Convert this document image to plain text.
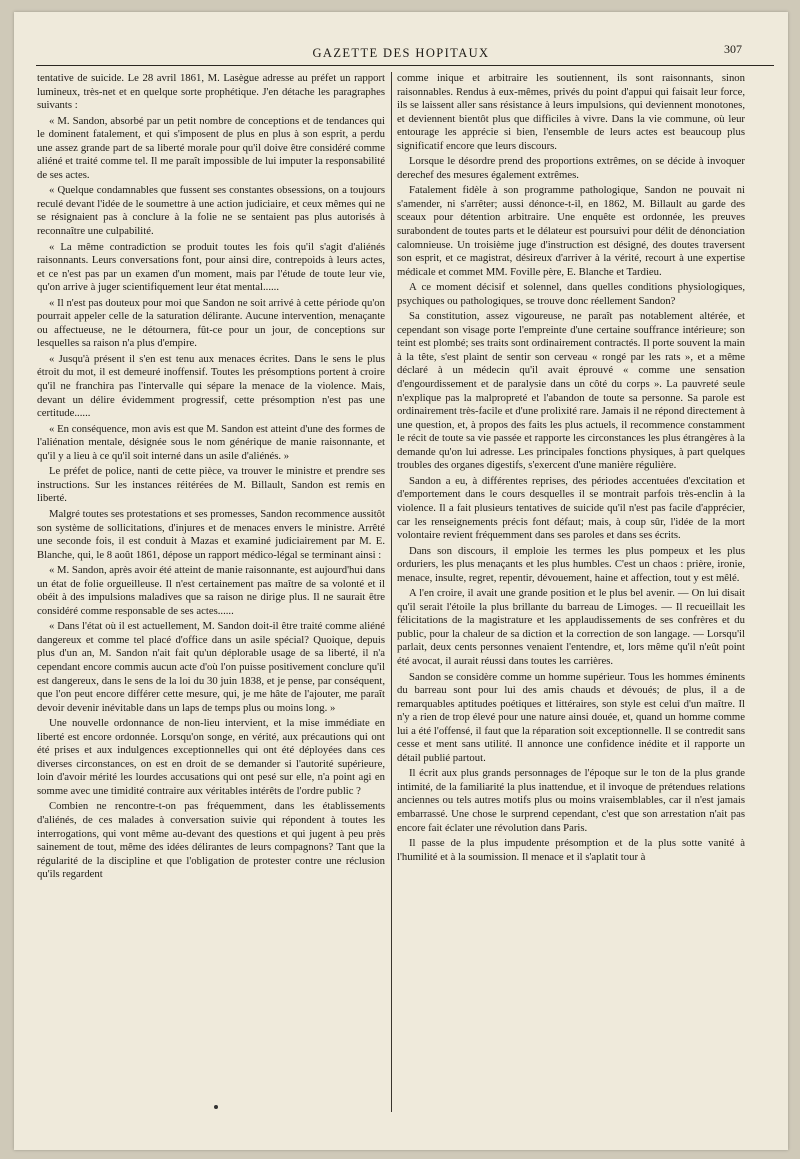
GAZETTE DES HOPITAUX	307

tentative de suicide. Le 28 avril 1861, M. Lasègue adresse au préfet un rapport lumineux, très-net et en quelque sorte prophétique. J'en détache les paragraphes suivants :

« M. Sandon, absorbé par un petit nombre de conceptions et de tendances qui le dominent fatalement, et qui s'imposent de plus en plus à son esprit, a perdu une assez grande part de sa liberté morale pour qu'il doive être considéré comme aliéné et traité comme tel. Il me paraît impossible de lui imputer la responsabilité de ses actes.

« Quelque condamnables que fussent ses constantes obsessions, on a toujours reculé devant l'idée de le soumettre à une action judiciaire, et ceux mêmes qui ne se résignaient pas à conclure à la folie ne se sentaient pas plus autorisés à reconnaître une culpabilité.

« La même contradiction se produit toutes les fois qu'il s'agit d'aliénés raisonnants. Leurs conversations font, pour ainsi dire, contrepoids à leurs actes, et ce n'est pas par un examen d'un moment, mais par l'étude de toute leur vie, qu'on arrive à juger scientifiquement leur état mental......

« Il n'est pas douteux pour moi que Sandon ne soit arrivé à cette période qu'on pourrait appeler celle de la saturation délirante. Aucune intervention, menaçante ou affectueuse, ne le détournera, fût-ce pour un jour, de conceptions sur lesquelles sa raison n'a plus d'empire.

« Jusqu'à présent il s'en est tenu aux menaces écrites. Dans le sens le plus étroit du mot, il est demeuré inoffensif. Toutes les présomptions portent à croire qu'il ne franchira pas l'intervalle qui sépare la menace de la violence. Mais, devant un délire évidemment progressif, cette présomption n'est pas une certitude......

« En conséquence, mon avis est que M. Sandon est atteint d'une des formes de l'aliénation mentale, désignée sous le nom générique de manie raisonnante, et qu'il y a lieu à ce qu'il soit interné dans un asile d'aliénés. »

Le préfet de police, nanti de cette pièce, va trouver le ministre et prendre ses instructions. Sur les instances réitérées de M. Billault, Sandon est remis en liberté.

Malgré toutes ses protestations et ses promesses, Sandon recommence aussitôt son système de sollicitations, d'injures et de menaces envers le ministre. Arrêté une seconde fois, il est conduit à Mazas et examiné judiciairement par M. E. Blanche, qui, le 8 août 1861, dépose un rapport médico-légal se terminant ainsi :

« M. Sandon, après avoir été atteint de manie raisonnante, est aujourd'hui dans un état de folie orgueilleuse. Il n'est certainement pas maître de sa volonté et il obéit à des impulsions maladives que sa raison ne dirige plus. Il ne saurait être considéré comme responsable de ses actes......

« Dans l'état où il est actuellement, M. Sandon doit-il être traité comme aliéné dangereux et comme tel placé d'office dans un asile spécial? Quoique, depuis plus d'un an, M. Sandon n'ait fait qu'un déplorable usage de sa liberté, il n'a cependant encore commis aucun acte d'où l'on puisse positivement conclure qu'il est dangereux, dans le sens de la loi du 30 juin 1838, et je pense, par conséquent, que l'on peut encore différer cette mesure, qui, je me hâte de l'ajouter, me paraît devoir devenir inévitable dans un laps de temps plus ou moins long. »

Une nouvelle ordonnance de non-lieu intervient, et la mise immédiate en liberté est encore ordonnée. Lorsqu'on songe, en vérité, aux précautions qui ont été prises et aux indulgences exceptionnelles qui ont été déployées dans ces diverses circonstances, on est en droit de se demander si l'autorité supérieure, loin d'avoir mérité les lourdes accusations qui ont pesé sur elle, n'a point agi en somme avec une timidité contraire aux véritables intérêts de l'ordre public ?

Combien ne rencontre-t-on pas fréquemment, dans les établissements d'aliénés, de ces malades à conversation suivie qui répondent à toutes les interrogations, qui vont même au-devant des questions et qui jugent à peu près sainement de tout, même des idées délirantes de leurs compagnons? Tant que la régularité de la discipline et que l'obligation de protester contre une réclusion qu'ils regardent

comme inique et arbitraire les soutiennent, ils sont raisonnants, sinon raisonnables. Rendus à eux-mêmes, privés du point d'appui qui faisait leur force, ils se laissent aller sans résistance à leurs impulsions, qui deviennent monotones, et deviennent bientôt plus que difficiles à vivre. Dans la vie commune, où leur entourage les apprécie si bien, l'ensemble de leurs actes est beaucoup plus significatif encore que leurs discours.

Lorsque le désordre prend des proportions extrêmes, on se décide à invoquer derechef des mesures également extrêmes.

Fatalement fidèle à son programme pathologique, Sandon ne pouvait ni s'amender, ni s'arrêter; aussi dénonce-t-il, en 1862, M. Billault au garde des sceaux pour détention arbitraire. Une enquête est ordonnée, les preuves surabondent de toutes parts et le délateur est poursuivi pour délit de dénonciation calomnieuse. Un troisième juge d'instruction est désigné, des doutes traversent son esprit, et ce magistrat, désireux d'arriver à la vérité, recourt à une expertise médicale et commet MM. Foville père, E. Blanche et Tardieu.

A ce moment décisif et solennel, dans quelles conditions physiologiques, psychiques ou pathologiques, se trouve donc réellement Sandon?

Sa constitution, assez vigoureuse, ne paraît pas notablement altérée, et cependant son visage porte l'empreinte d'une certaine souffrance intérieure; son teint est plombé; ses traits sont ordinairement contractés. Il porte souvent la main à la tête, s'est plaint de sentir son cerveau « rongé par les rats », et a même déclaré à un médecin qu'il avait éprouvé « comme une sensation d'engourdissement et de paralysie dans un côté du corps ». La pauvreté seule n'explique pas la malpropreté et l'abandon de toute sa personne. Sa parole est ordinairement très-facile et d'une prolixité rare. Jamais il ne répond directement à une question, et, à propos des faits les plus actuels, il recommence constamment le récit de toute sa vie passée et rapporte les circonstances les plus étrangères à la demande qu'on lui adresse. Les principales fonctions physiques, à part quelques troubles des organes digestifs, s'exercent d'une manière régulière.

Sandon a eu, à différentes reprises, des périodes accentuées d'excitation et d'emportement dans le cours desquelles il se montrait parfois très-enclin à la violence. Il a fait plusieurs tentatives de suicide qu'il n'est pas facile d'apprécier, car les renseignements précis font défaut; mais, à coup sûr, l'idée de la mort volontaire revient fréquemment dans ses paroles et dans ses écrits.

Dans son discours, il emploie les termes les plus pompeux et les plus orduriers, les plus menaçants et les plus humbles. C'est un chaos : prière, ironie, menace, insulte, regret, repentir, dévouement, haine et affection, tout y est mêlé.

A l'en croire, il avait une grande position et le plus bel avenir. — On lui disait qu'il serait l'étoile la plus brillante du barreau de Limoges. — Il recueillait les félicitations de la magistrature et les applaudissements de ses confrères et du public, pour la chaleur de sa diction et la correction de son langage. — Lorsqu'il parlait, deux cents personnes venaient l'entendre, et, lors même qu'il n'eût point été avocat, il aurait réussi dans toutes les carrières.

Sandon se considère comme un homme supérieur. Tous les hommes éminents du barreau sont pour lui des amis chauds et dévoués; de plus, il a de remarquables aptitudes poétiques et littéraires, son style est celui d'un maître. Il n'y a rien de trop élevé pour une nature ainsi douée, et, quand un homme comme lui a été l'offensé, il faut que la réparation soit exceptionnelle. Il se contredit sans cesse et ment sans utilité. Il annonce une confidence inédite et il rapporte un détail publié partout.

Il écrit aux plus grands personnages de l'époque sur le ton de la plus grande intimité, de la familiarité la plus inattendue, et il invoque de prétendues relations anciennes ou tels autres motifs plus ou moins vraisemblables, car il n'est jamais embarrassé. Une chose le surprend cependant, c'est que son arrestation n'ait pas encore fait éclater une révolution dans Paris.

Il passe de la plus impudente présomption et de la plus sotte vanité à l'humilité et à la soumission. Il menace et il s'aplatit tour à
